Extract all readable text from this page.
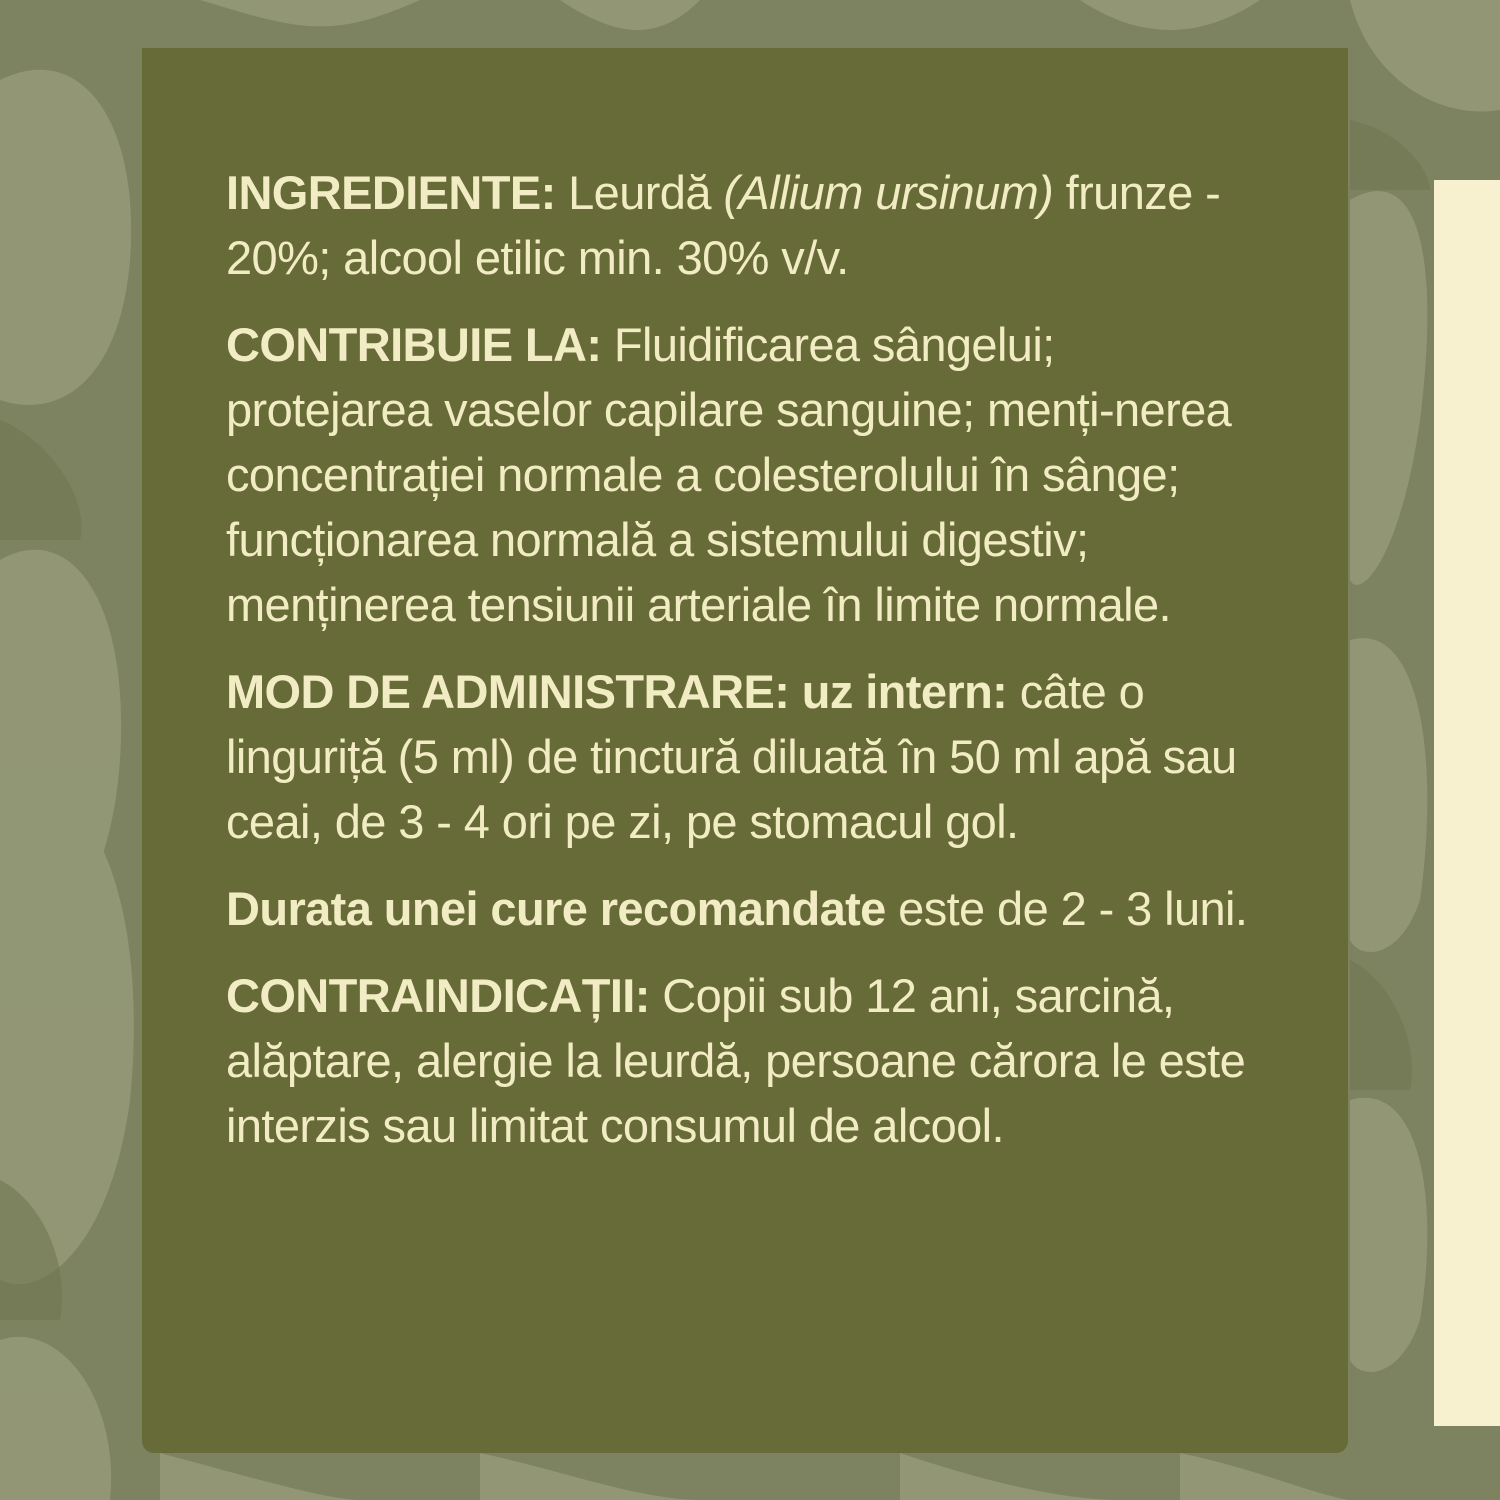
INGREDIENTE: Leurdă (Allium ursinum) frunze - 20%; alcool etilic min. 30% v/v.

CONTRIBUIE LA: Fluidificarea sângelui; protejarea vaselor capilare sanguine; menți-nerea concentrației normale a colesterolului în sânge; funcționarea normală a sistemului digestiv; menținerea tensiunii arteriale în limite normale.

MOD DE ADMINISTRARE: uz intern: câte o linguriță (5 ml) de tinctură diluată în 50 ml apă sau ceai, de 3 - 4 ori pe zi, pe stomacul gol.

Durata unei cure recomandate este de 2 - 3 luni.

CONTRAINDICAȚII: Copii sub 12 ani, sarcină, alăptare, alergie la leurdă, persoane cărora le este interzis sau limitat consumul de alcool.
